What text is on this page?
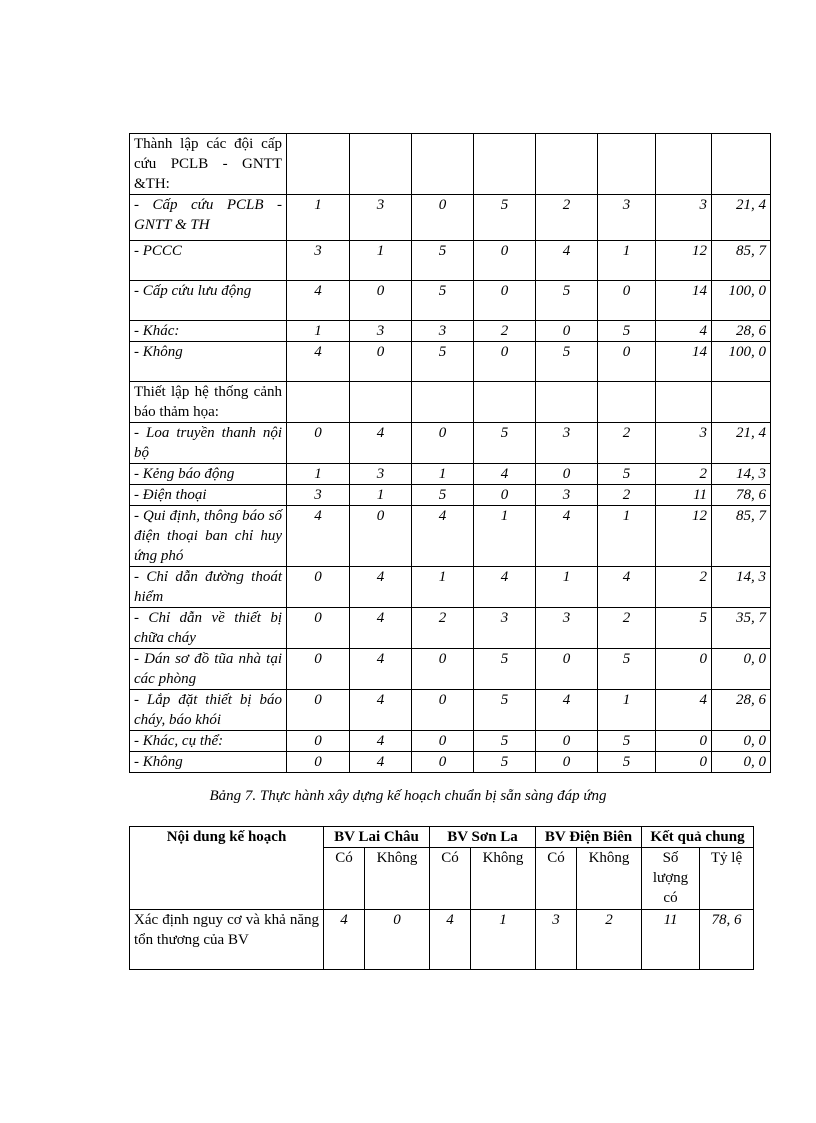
Thành lập các đội cấp cứu PCLB - GNTT &TH:								
- Cấp cứu PCLB - GNTT & TH	1	3	0	5	2	3	3	21, 4
- PCCC	3	1	5	0	4	1	12	85, 7
- Cấp cứu lưu động	4	0	5	0	5	0	14	100, 0
- Khác:	1	3	3	2	0	5	4	28, 6
- Không	4	0	5	0	5	0	14	100, 0
Thiết lập hệ thống cảnh báo thảm họa:								
- Loa truyền thanh nội bộ	0	4	0	5	3	2	3	21, 4
- Kẻng báo động	1	3	1	4	0	5	2	14, 3
- Điện thoại	3	1	5	0	3	2	11	78, 6
- Qui định, thông báo số điện thoại ban chỉ huy ứng phó	4	0	4	1	4	1	12	85, 7
- Chỉ dẫn đường thoát hiểm	0	4	1	4	1	4	2	14, 3
- Chỉ dẫn về thiết bị chữa cháy	0	4	2	3	3	2	5	35, 7
- Dán sơ đồ tũa nhà tại các phòng	0	4	0	5	0	5	0	0, 0
- Lắp đặt thiết bị báo cháy, báo khói	0	4	0	5	4	1	4	28, 6
- Khác, cụ thể:	0	4	0	5	0	5	0	0, 0
- Không	0	4	0	5	0	5	0	0, 0
Bảng 7. Thực hành xây dựng kế hoạch chuẩn bị sẵn sàng đáp ứng
Nội dung kế hoạch	BV Lai Châu		BV Sơn La		BV Điện Biên		Kết quả chung	
	Có	Không	Có	Không	Có	Không	Số lượng có	Tỷ lệ
Xác định nguy cơ và khả năng tổn thương của BV	4	0	4	1	3	2	11	78, 6
